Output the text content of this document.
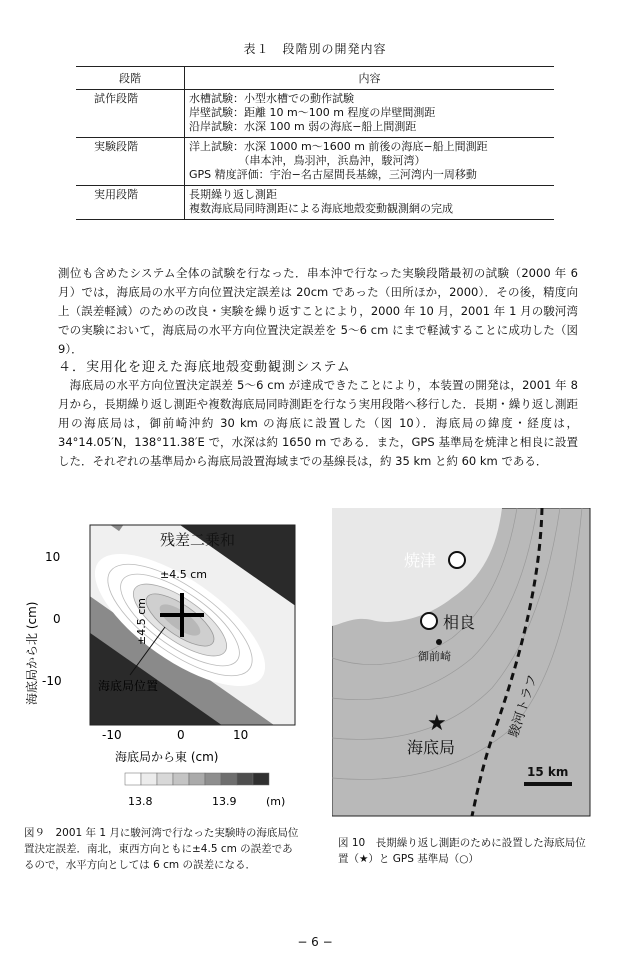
表１　段階別の開発内容
段階	内容
試作段階	水槽試験：小型水槽での動作試験
岸壁試験：距離 10 m〜100 m 程度の岸壁間測距
沿岸試験：水深 100 m 弱の海底−船上間測距

実験段階	洋上試験：水深 1000 m〜1600 m 前後の海底−船上間測距
　　　　　（串本沖，鳥羽沖，浜島沖，駿河湾）
GPS 精度評価：宇治−名古屋間長基線，三河湾内一周移動

実用段階	長期繰り返し測距
複数海底局同時測距による海底地殻変動観測網の完成
測位も含めたシステム全体の試験を行なった．串本沖で行なった実験段階最初の試験（2000 年 6 月）では，海底局の水平方向位置決定誤差は 20cm であった（田所ほか，2000）．その後，精度向上（誤差軽減）のための改良・実験を繰り返すことにより，2000 年 10 月，2001 年 1 月の駿河湾での実験において，海底局の水平方向位置決定誤差を 5〜6 cm にまで軽減することに成功した（図 9）．
４．実用化を迎えた海底地殻変動観測システム
　海底局の水平方向位置決定誤差 5〜6 cm が達成できたことにより，本装置の開発は，2001 年 8 月から，長期繰り返し測距や複数海底局同時測距を行なう実用段階へ移行した．長期・繰り返し測距用の海底局は，御前崎沖約 30 km の海底に設置した（図 10）．海底局の緯度・経度は，34°14.05′N，138°11.38′E で，水深は約 1650 m である．また，GPS 基準局を焼津と相良に設置した．それぞれの基準局から海底局設置海域までの基線長は，約 35 km と約 60 km である．
残差二乗和
±4.5 cm
±4.5 cm
海底局位置
10
0
-10
-10	0	10
海底局から北 (cm)
海底局から東 (cm)
13.8	13.9	(m)
図９　2001 年 1 月に駿河湾で行なった実験時の海底局位置決定誤差．南北，東西方向ともに±4.5 cm の誤差であるので，水平方向としては 6 cm の誤差になる．
焼津
相良
御前崎
駿河トラフ
★
海底局
15 km
図 10　長期繰り返し測距のために設置した海底局位置（★）と GPS 基準局（○）
− 6 −
